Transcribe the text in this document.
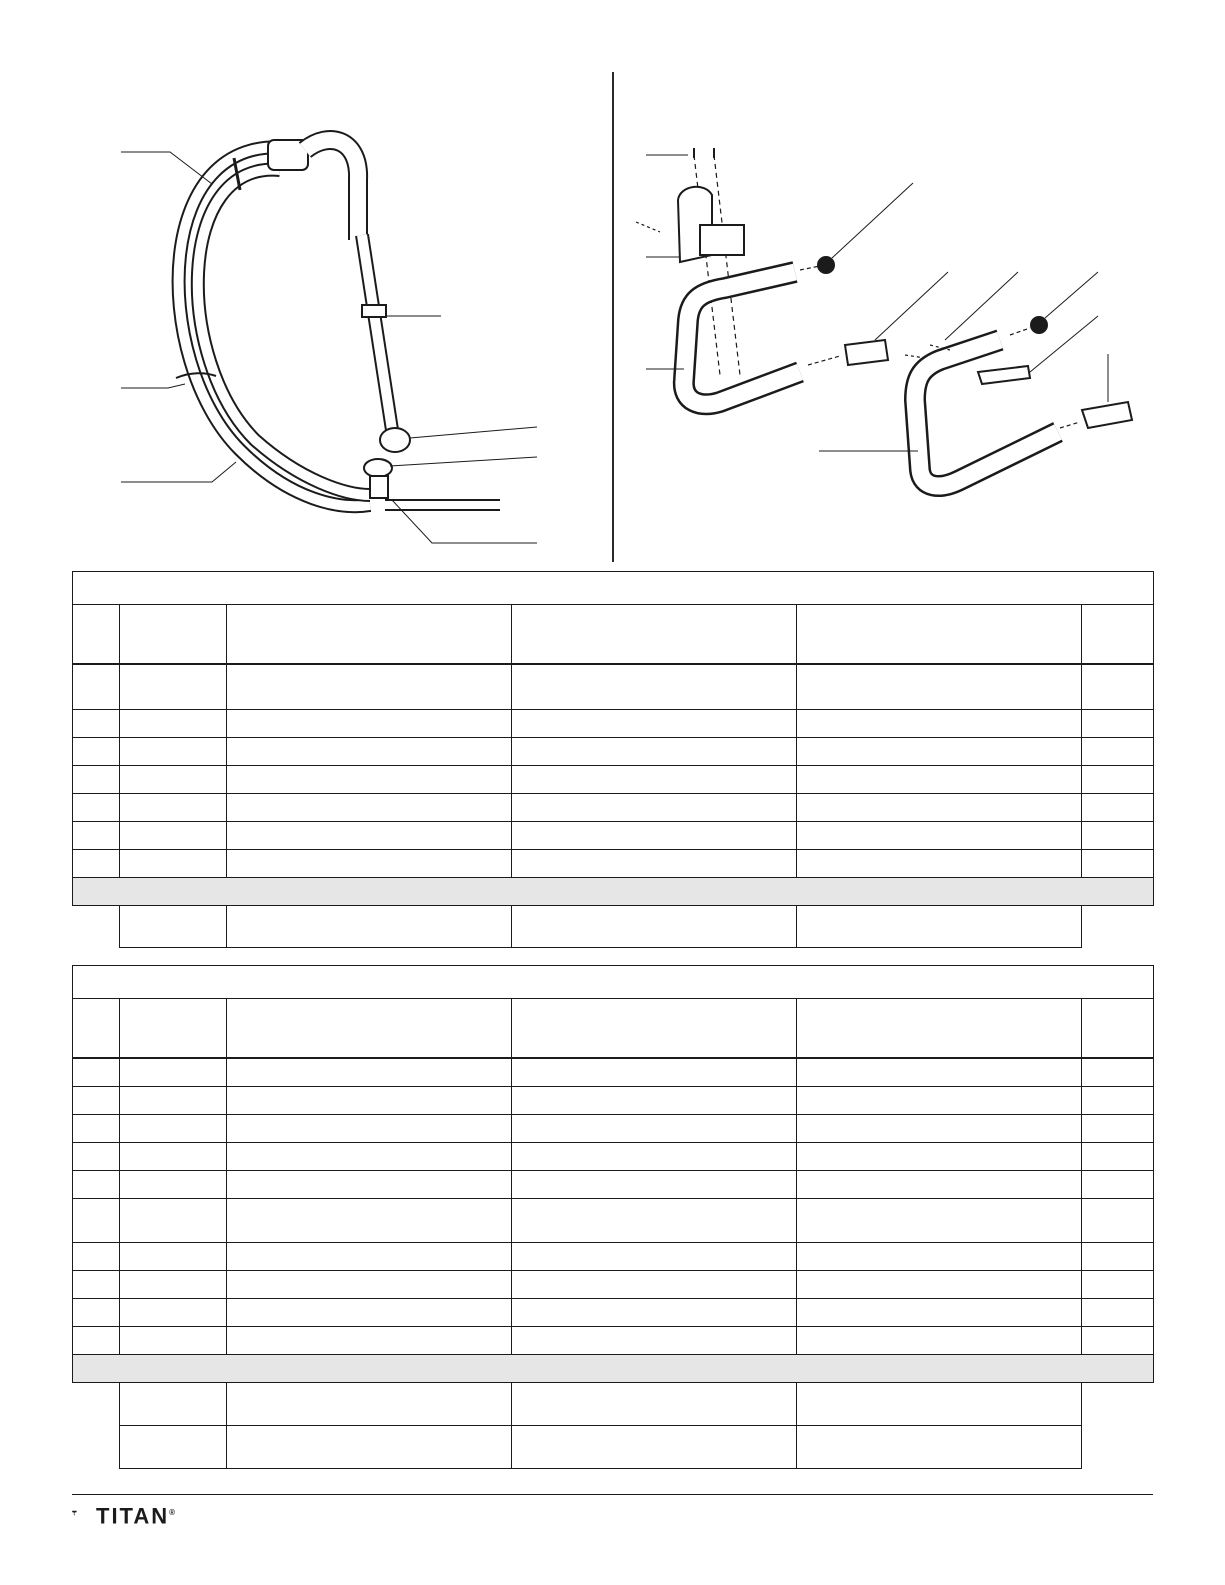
TITAN®
